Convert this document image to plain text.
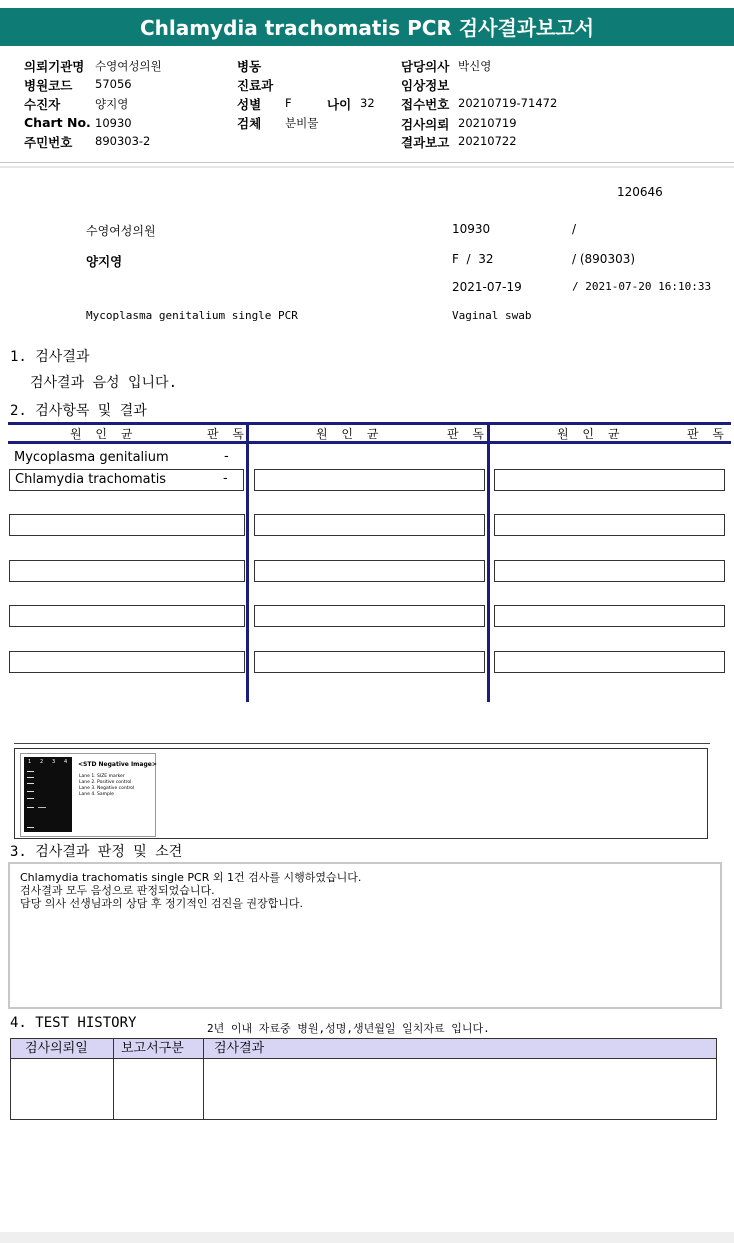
Chlamydia trachomatis PCR 검사결과보고서
의뢰기관명 수영여성의원
병원코드 57056
수진자	양지영
Chart No. 10930
주민번호 890303-2
병동
진료과
성별 F	나이 32
검체 분비물
담당의사 박신영
임상정보
접수번호 20210719-71472
검사의뢰 20210719
결과보고 20210722
120646
수영여성의원	10930	/
양지영	F  /  32	/ (890303)
2021-07-19	/ 2021-07-20 16:10:33
Mycoplasma genitalium single PCR	Vaginal swab
1. 검사결과
검사결과 음성 입니다.
2. 검사항목 및 결과
원 인 균	판 독	원 인 균	판 독	원 인 균	판 독
Mycoplasma genitalium	-
Chlamydia trachomatis	-
1 2 3 4 <STD Negative Image>
Lane 1. SIZE marker
Lane 2. Positive control
Lane 3. Negative control
Lane 4. Sample
3. 검사결과 판정 및 소견
Chlamydia trachomatis single PCR 외 1건 검사를 시행하였습니다.
검사결과 모두 음성으로 판정되었습니다.
담당 의사 선생님과의 상담 후 정기적인 검진을 권장합니다.
4. TEST HISTORY	2년 이내 자료중 병원,성명,생년월일 일치자료 입니다.
검사의뢰일	보고서구분	검사결과
